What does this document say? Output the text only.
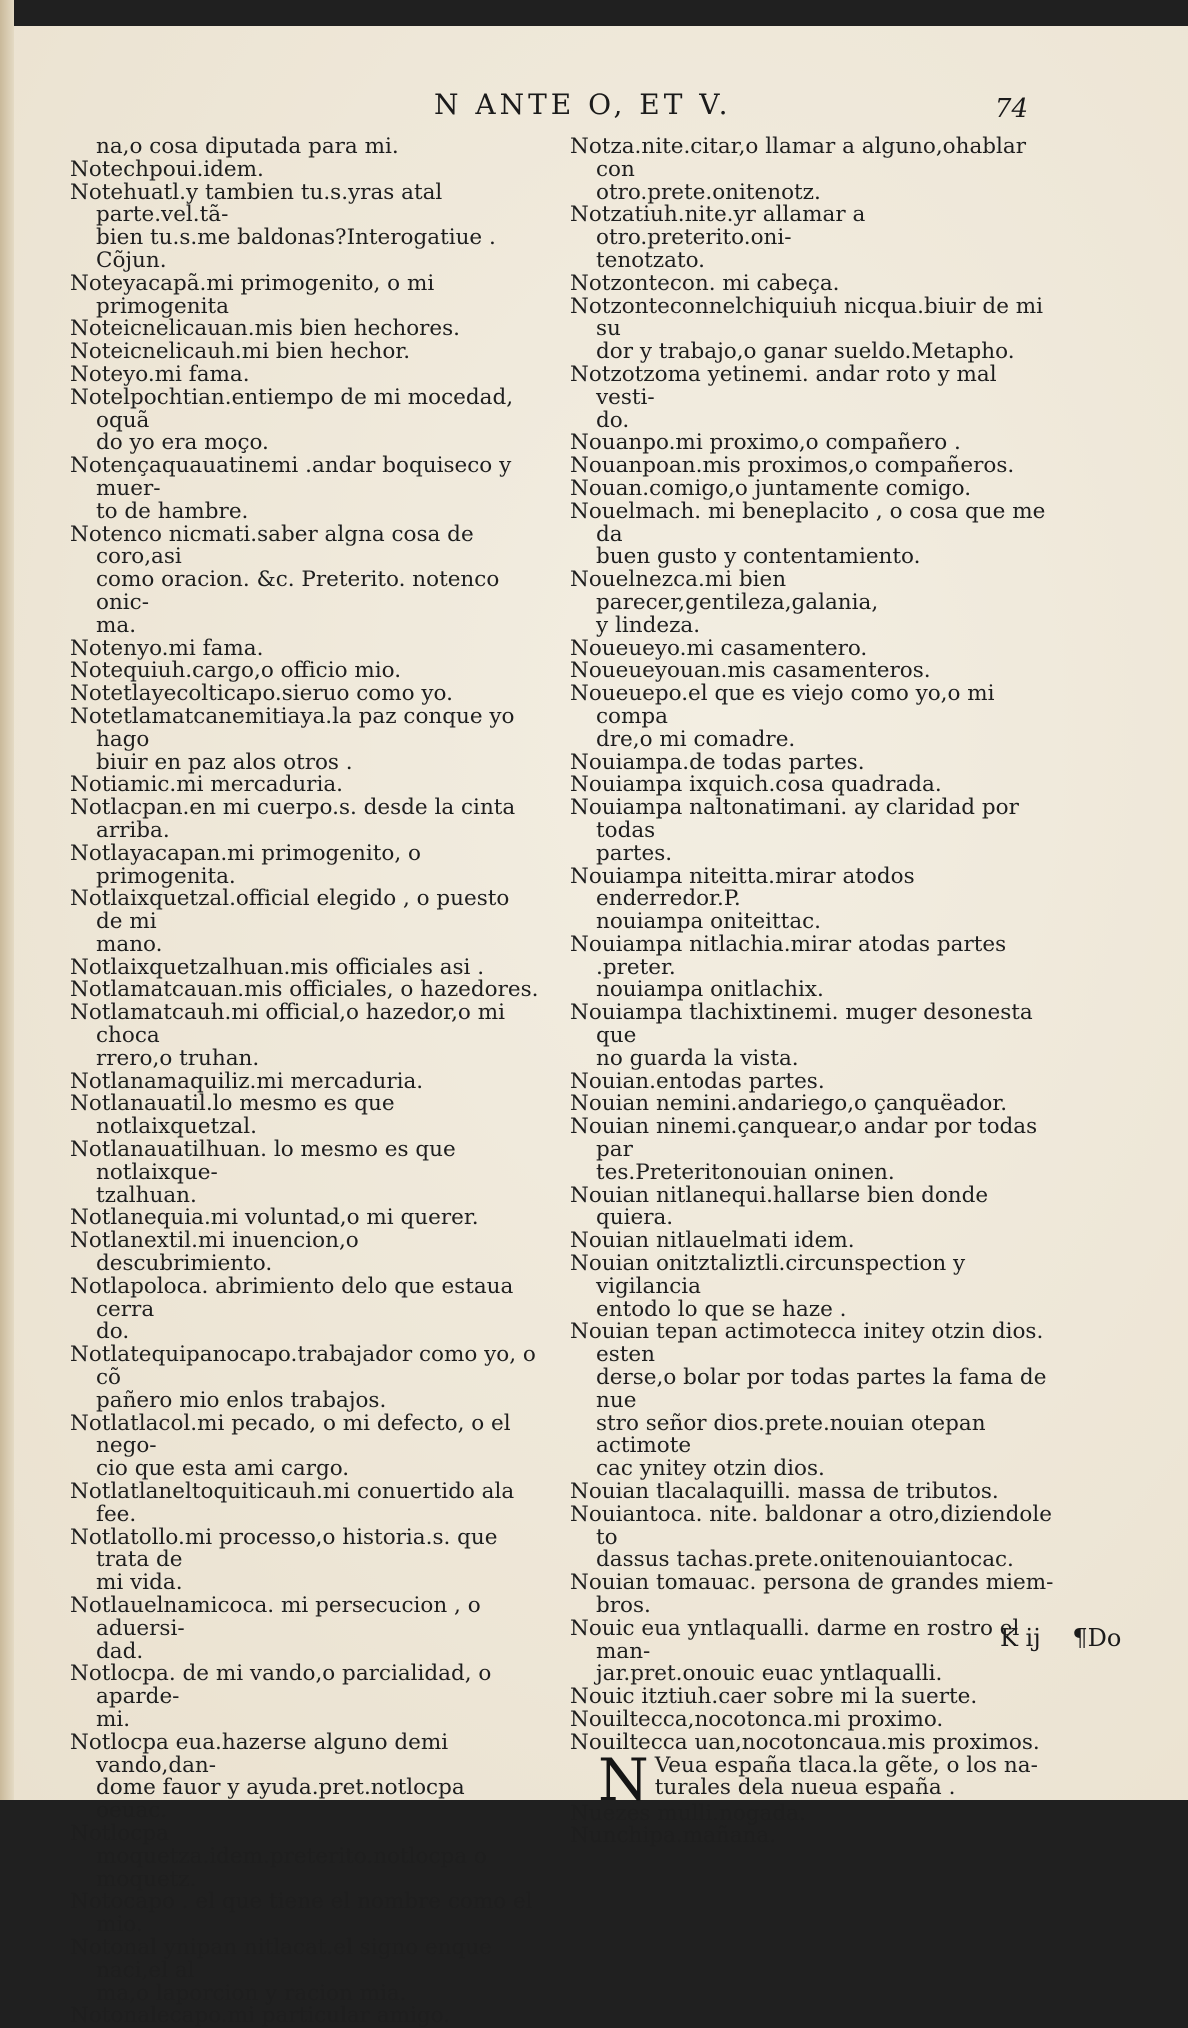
N ANTE O, ET V.	74

na,o cosa diputada para mi.

Notechpoui.idem.

Notehuatl.y tambien tu.s.yras atal parte.vel.tã-

bien tu.s.me baldonas?Interogatiue . Cõjun.

Noteyacapã.mi primogenito, o mi primogenita

Noteicnelicauan.mis bien hechores.

Noteicnelicauh.mi bien hechor.

Noteyo.mi fama.

Notelpochtian.entiempo de mi mocedad, oquã

do yo era moço.

Notençaquauatinemi .andar boquiseco y muer-

to de hambre.

Notenco nicmati.saber algna cosa de coro,asi

como oracion. &c. Preterito. notenco onic-

ma.

Notenyo.mi fama.

Notequiuh.cargo,o officio mio.

Notetlayecolticapo.sieruo como yo.

Notetlamatcanemitiaya.la paz conque yo hago

biuir en paz alos otros .

Notiamic.mi mercaduria.

Notlacpan.en mi cuerpo.s. desde la cinta arriba.

Notlayacapan.mi primogenito, o primogenita.

Notlaixquetzal.official elegido , o puesto de mi

mano.

Notlaixquetzalhuan.mis officiales asi .

Notlamatcauan.mis officiales, o hazedores.

Notlamatcauh.mi official,o hazedor,o mi choca

rrero,o truhan.

Notlanamaquiliz.mi mercaduria.

Notlanauatil.lo mesmo es que notlaixquetzal.

Notlanauatilhuan. lo mesmo es que notlaixque-

tzalhuan.

Notlanequia.mi voluntad,o mi querer.

Notlanextil.mi inuencion,o descubrimiento.

Notlapoloca. abrimiento delo que estaua cerra

do.

Notlatequipanocapo.trabajador como yo, o cõ

pañero mio enlos trabajos.

Notlatlacol.mi pecado, o mi defecto, o el nego-

cio que esta ami cargo.

Notlatlaneltoquiticauh.mi conuertido ala fee.

Notlatollo.mi processo,o historia.s. que trata de

mi vida.

Notlauelnamicoca. mi persecucion , o aduersi-

dad.

Notlocpa. de mi vando,o parcialidad, o aparde-

mi.

Notlocpa eua.hazerse alguno demi vando,dan-

dome fauor y ayuda.pret.notlocpa oeuac.

Notlocpa moquetza.idem.preterito.notlocpa o

moquetz.

Notocapo . el que tiene el nombre como el mio.

Notonal ynipan nitlacat.el signo enque naci,el al

ma,o laporcion y racion mia.

Notonalecapo.mi particular amigo.

Notza.nite.citar,o llamar a alguno,ohablar con

otro.prete.onitenotz.

Notzatiuh.nite.yr allamar a otro.preterito.oni-

tenotzato.

Notzontecon. mi cabeça.

Notzonteconnelchiquiuh nicqua.biuir de mi su

dor y trabajo,o ganar sueldo.Metapho.

Notzotzoma yetinemi. andar roto y mal vesti-

do.

Nouanpo.mi proximo,o compañero .

Nouanpoan.mis proximos,o compañeros.

Nouan.comigo,o juntamente comigo.

Nouelmach. mi beneplacito , o cosa que me da

buen gusto y contentamiento.

Nouelnezca.mi bien parecer,gentileza,galania,

y lindeza.

Noueueyo.mi casamentero.

Noueueyouan.mis casamenteros.

Noueuepo.el que es viejo como yo,o mi compa

dre,o mi comadre.

Nouiampa.de todas partes.

Nouiampa ixquich.cosa quadrada.

Nouiampa naltonatimani. ay claridad por todas

partes.

Nouiampa niteitta.mirar atodos enderredor.P.

nouiampa oniteittac.

Nouiampa nitlachia.mirar atodas partes .preter.

nouiampa onitlachix.

Nouiampa tlachixtinemi. muger desonesta que

no guarda la vista.

Nouian.entodas partes.

Nouian nemini.andariego,o çanquëador.

Nouian ninemi.çanquear,o andar por todas par

tes.Preteritonouian oninen.

Nouian nitlanequi.hallarse bien donde quiera.

Nouian nitlauelmati idem.

Nouian onitztaliztli.circunspection y vigilancia

entodo lo que se haze .

Nouian tepan actimotecca initey otzin dios. esten

derse,o bolar por todas partes la fama de nue

stro señor dios.prete.nouian otepan actimote

cac ynitey otzin dios.

Nouian tlacalaquilli. massa de tributos.

Nouiantoca. nite. baldonar a otro,diziendole to

dassus tachas.prete.onitenouiantocac.

Nouian tomauac. persona de grandes miem-

bros.

Nouic eua yntlaqualli. darme en rostro el man-

jar.pret.onouic euac yntlaqualli.

Nouic itztiuh.caer sobre mi la suerte.

Nouiltecca,nocotonca.mi proximo.

Nouiltecca uan,nocotoncaua.mis proximos.

N Veua españa tlaca.la gẽte, o los na-
turales dela nueua españa .

Nuezes mulli.nogada.

Nunchipa.mañana.

K ij ¶Do
